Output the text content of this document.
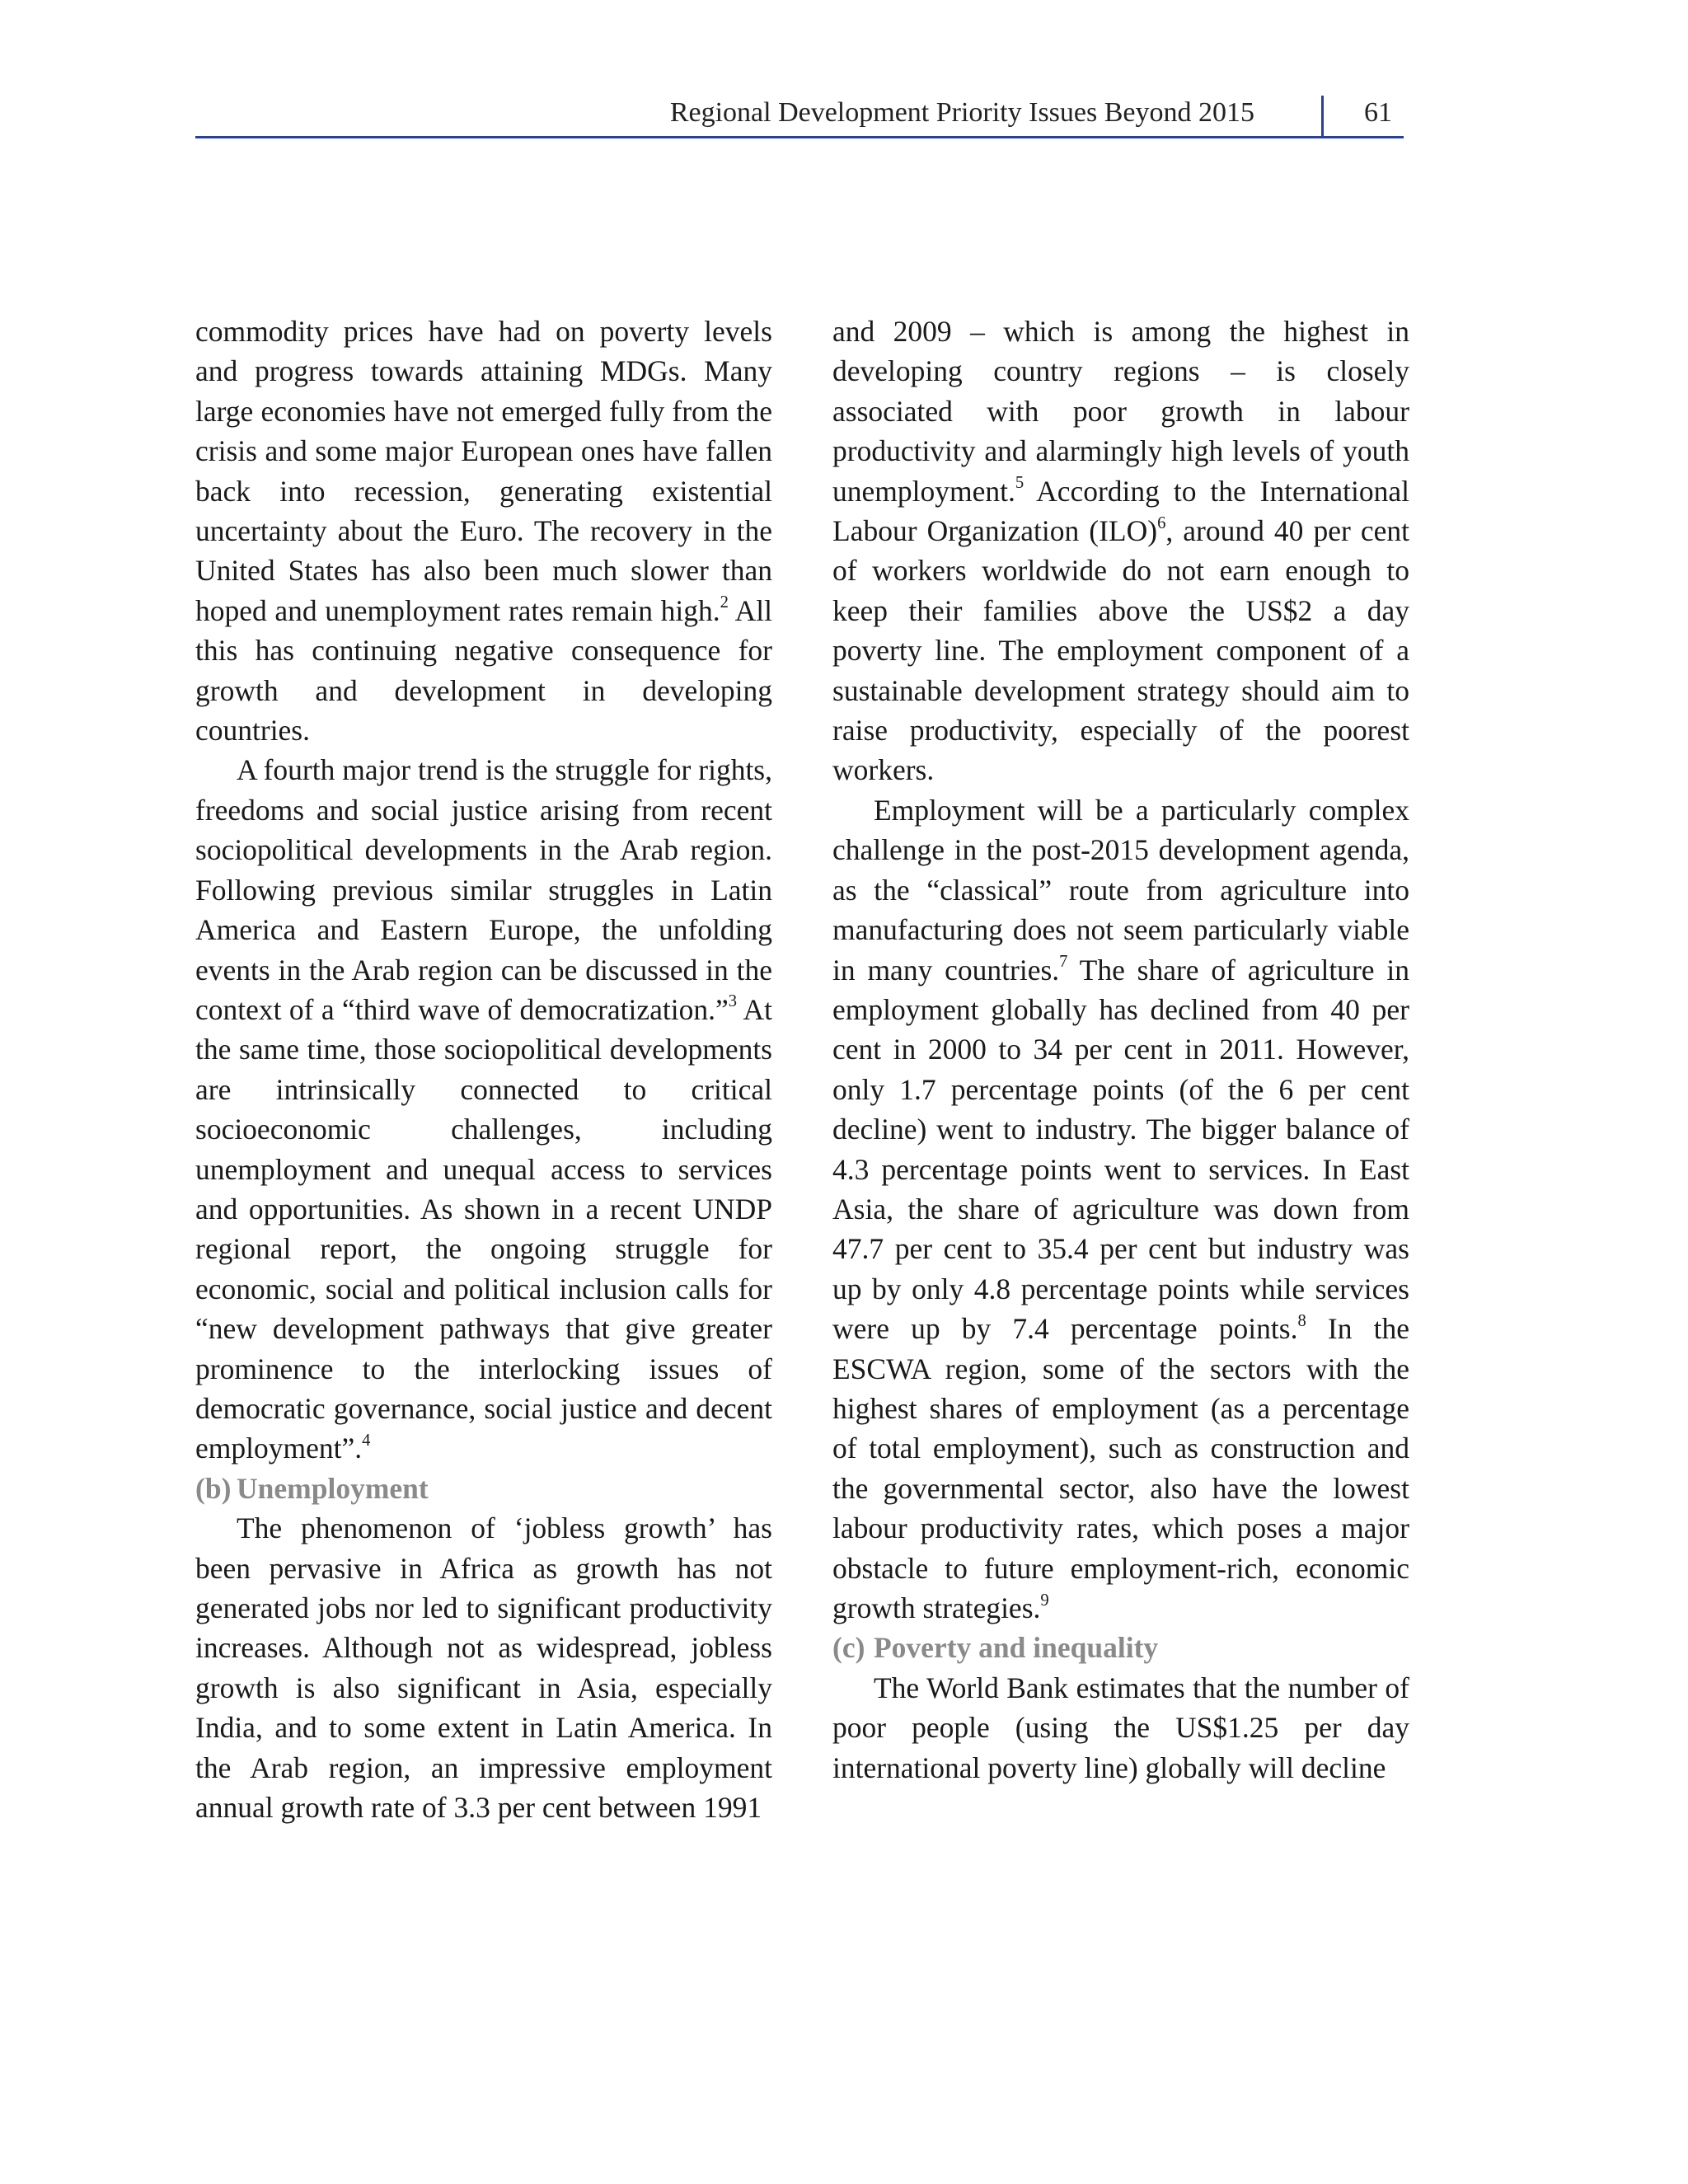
Regional Development Priority Issues Beyond 2015	61

commodity prices have had on poverty levels and progress towards attaining MDGs. Many large economies have not emerged fully from the crisis and some major European ones have fallen back into recession, generating existential uncertainty about the Euro. The recovery in the United States has also been much slower than hoped and unemployment rates remain high.$^2$ All this has continuing negative consequence for growth and development in developing countries.

A fourth major trend is the struggle for rights, freedoms and social justice arising from recent sociopolitical developments in the Arab region. Following previous similar struggles in Latin America and Eastern Europe, the unfolding events in the Arab region can be discussed in the context of a “third wave of democratization.”$^3$ At the same time, those sociopolitical developments are intrinsically connected to critical socioeconomic challenges, including unemployment and unequal access to services and opportunities. As shown in a recent UNDP regional report, the ongoing struggle for economic, social and political inclusion calls for “new development pathways that give greater prominence to the interlocking issues of democratic governance, social justice and decent employment”.$^4$

(b) Unemployment

The phenomenon of ‘jobless growth’ has been pervasive in Africa as growth has not generated jobs nor led to significant productivity increases. Although not as widespread, jobless growth is also significant in Asia, especially India, and to some extent in Latin America. In the Arab region, an impressive employment annual growth rate of 3.3 per cent between 1991

and 2009 – which is among the highest in developing country regions – is closely associated with poor growth in labour productivity and alarmingly high levels of youth unemployment.$^5$ According to the International Labour Organization (ILO)$^6$, around 40 per cent of workers worldwide do not earn enough to keep their families above the US$2 a day poverty line. The employment component of a sustainable development strategy should aim to raise productivity, especially of the poorest workers.

Employment will be a particularly complex challenge in the post-2015 development agenda, as the “classical” route from agriculture into manufacturing does not seem particularly viable in many countries.$^7$ The share of agriculture in employment globally has declined from 40 per cent in 2000 to 34 per cent in 2011. However, only 1.7 percentage points (of the 6 per cent decline) went to industry. The bigger balance of 4.3 percentage points went to services. In East Asia, the share of agriculture was down from 47.7 per cent to 35.4 per cent but industry was up by only 4.8 percentage points while services were up by 7.4 percentage points.$^8$ In the ESCWA region, some of the sectors with the highest shares of employment (as a percentage of total employment), such as construction and the governmental sector, also have the lowest labour productivity rates, which poses a major obstacle to future employment-rich, economic growth strategies.$^9$

(c) Poverty and inequality

The World Bank estimates that the number of poor people (using the US$1.25 per day international poverty line) globally will decline
